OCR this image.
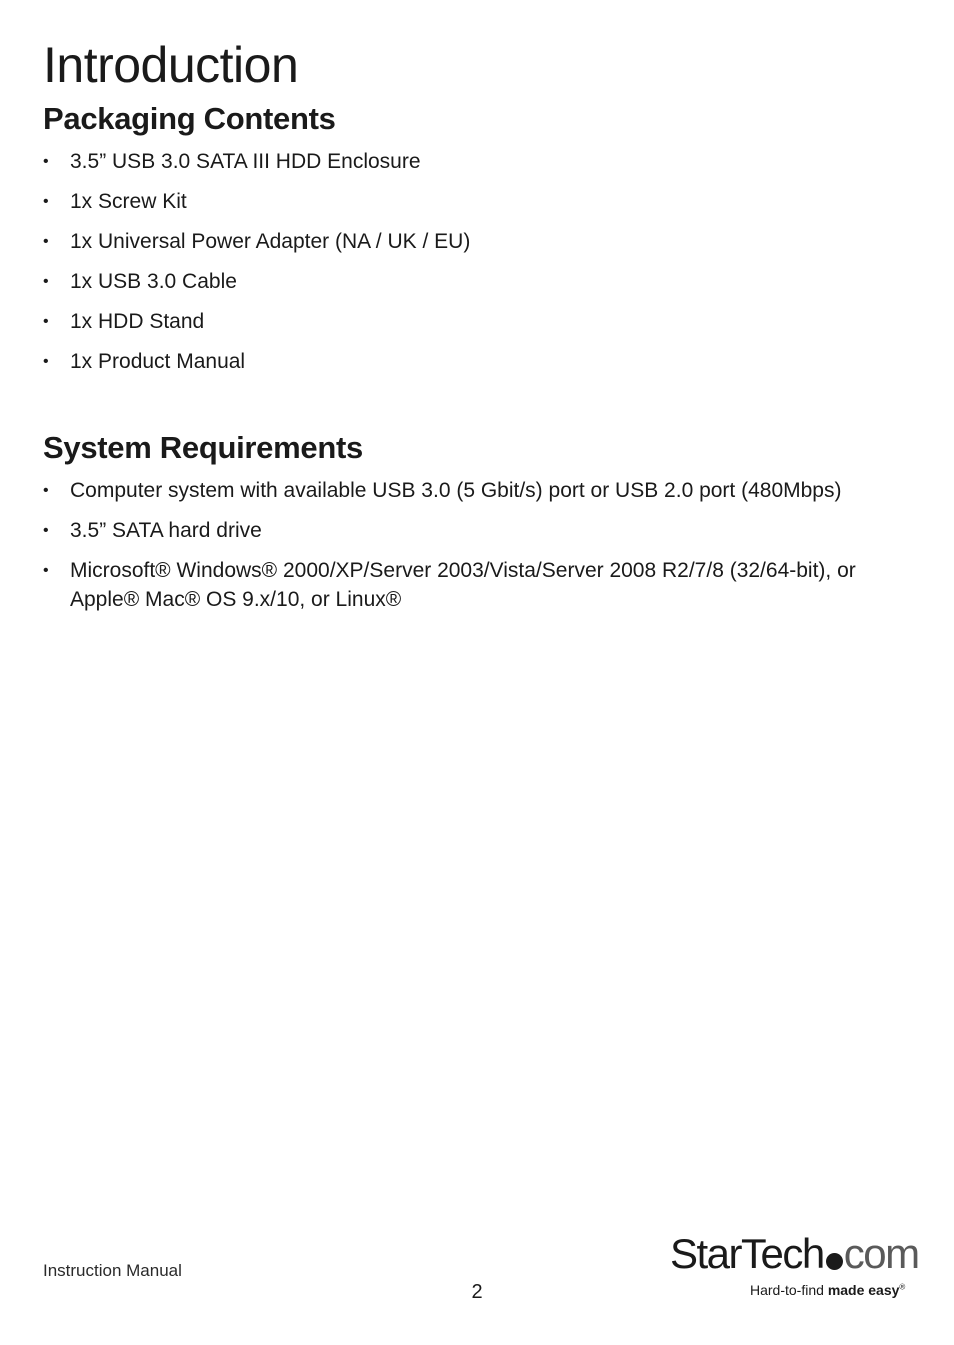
Introduction
Packaging Contents
• 3.5” USB 3.0 SATA III HDD Enclosure
• 1x Screw Kit
• 1x Universal Power Adapter (NA / UK / EU)
• 1x USB 3.0 Cable
• 1x HDD Stand
• 1x Product Manual
System Requirements
• Computer system with available USB 3.0 (5 Gbit/s) port or USB 2.0 port (480Mbps)
• 3.5” SATA hard drive
• Microsoft® Windows® 2000/XP/Server 2003/Vista/Server 2008 R2/7/8 (32/64-bit), or Apple® Mac® OS 9.x/10, or Linux®
Instruction Manual
2
StarTech com
Hard-to-find made easy®
